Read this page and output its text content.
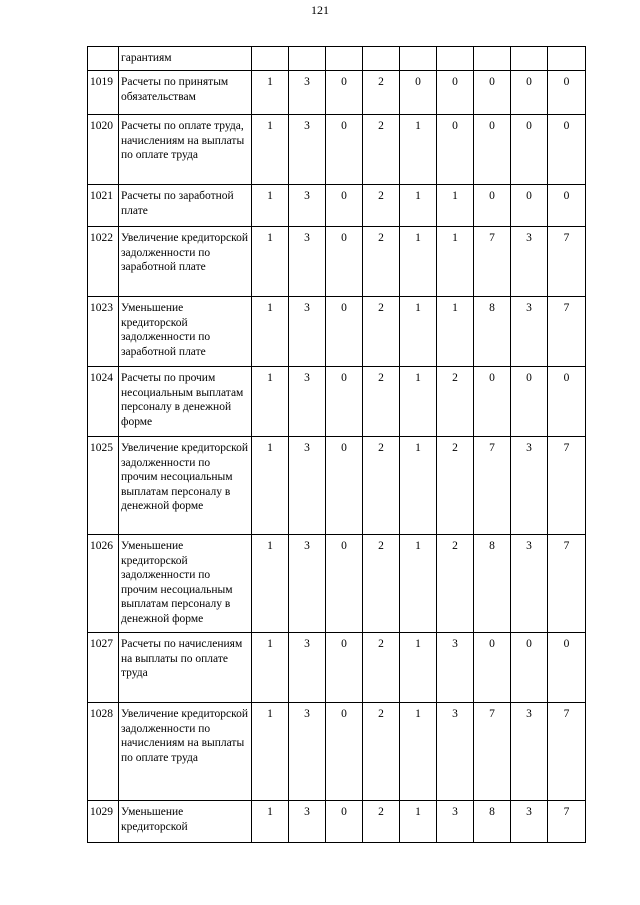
121
	гарантиям									
1019	Расчеты по принятым обязательствам	1	3	0	2	0	0	0	0	0
1020	Расчеты по оплате труда, начислениям на выплаты по оплате труда	1	3	0	2	1	0	0	0	0
1021	Расчеты по заработной плате	1	3	0	2	1	1	0	0	0
1022	Увеличение кредиторской задолженности по заработной плате	1	3	0	2	1	1	7	3	7
1023	Уменьшение кредиторской задолженности по заработной плате	1	3	0	2	1	1	8	3	7
1024	Расчеты по прочим несоциальным выплатам персоналу в денежной форме	1	3	0	2	1	2	0	0	0
1025	Увеличение кредиторской задолженности по прочим несоциальным выплатам персоналу в денежной форме	1	3	0	2	1	2	7	3	7
1026	Уменьшение кредиторской задолженности по прочим несоциальным выплатам персоналу в денежной форме	1	3	0	2	1	2	8	3	7
1027	Расчеты по начислениям на выплаты по оплате труда	1	3	0	2	1	3	0	0	0
1028	Увеличение кредиторской задолженности по начислениям на выплаты по оплате труда	1	3	0	2	1	3	7	3	7
1029	Уменьшение кредиторской	1	3	0	2	1	3	8	3	7
